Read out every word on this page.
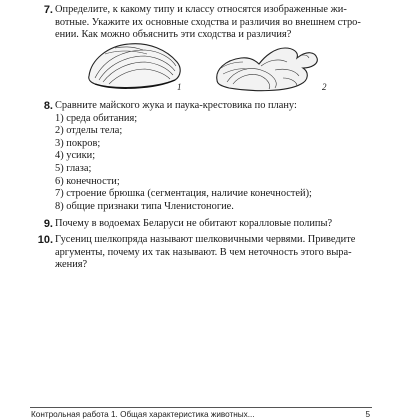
7. Определите, к какому типу и классу относятся изображенные жи-

вотные. Укажите их основные сходства и различия во внешнем стро-

ении. Как можно объяснить эти сходства и различия?

1	2
8. Сравните майского жука и паука-крестовика по плану:

1) среда обитания;
2) отделы тела;
3) покров;
4) усики;
5) глаза;
6) конечности;
7) строение брюшка (сегментация, наличие конечностей);
8) общие признаки типа Членистоногие.
9. Почему в водоемах Беларуси не обитают коралловые полипы?

10. Гусениц шелкопряда называют шелковичными червями. Приведите

аргументы, почему их так называют. В чем неточность этого выра-

жения?

Контрольная работа 1. Общая характеристика животных...	5
